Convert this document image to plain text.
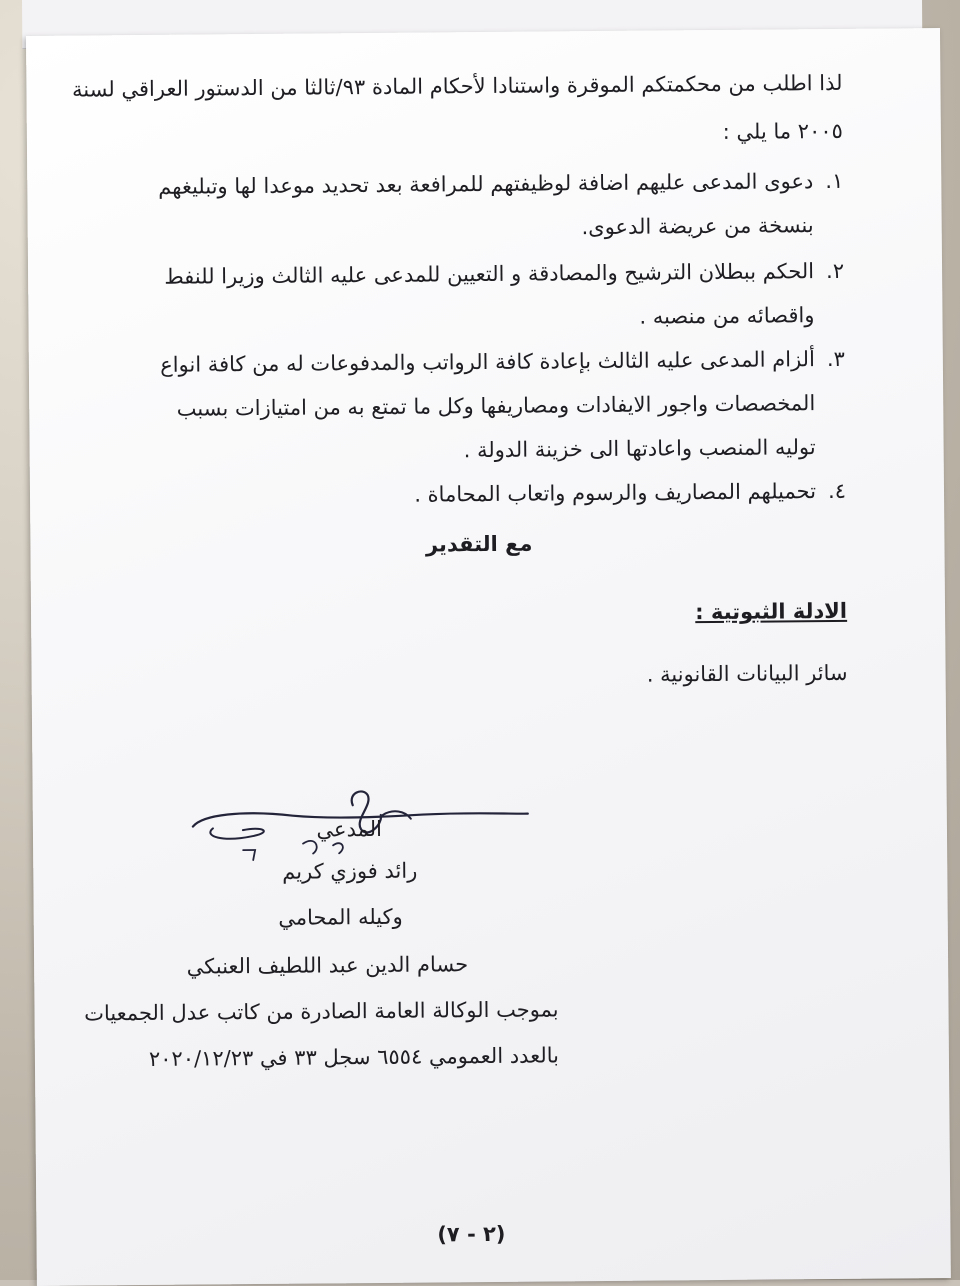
لذا اطلب من محكمتكم الموقرة واستنادا لأحكام المادة ٩٣/ثالثا من الدستور العراقي لسنة
٢٠٠٥ ما يلي :
١.
دعوى المدعى عليهم اضافة لوظيفتهم للمرافعة بعد تحديد موعدا لها وتبليغهم
بنسخة من عريضة الدعوى.
٢.
الحكم ببطلان الترشيح والمصادقة و التعيين للمدعى عليه الثالث وزيرا للنفط
واقصائه من منصبه .
٣.
ألزام المدعى عليه الثالث بإعادة كافة الرواتب والمدفوعات له من كافة انواع
المخصصات واجور الايفادات ومصاريفها وكل ما تمتع به من امتيازات بسبب
توليه المنصب واعادتها الى خزينة الدولة .
٤.
تحميلهم المصاريف والرسوم واتعاب المحاماة .
مع التقدير
الادلة الثبوتية :
سائر البيانات القانونية .
المدعي
رائد فوزي كريم
وكيله المحامي
حسام الدين عبد اللطيف العنبكي
بموجب الوكالة العامة الصادرة من كاتب عدل الجمعيات
بالعدد العمومي ٦٥٥٤ سجل ٣٣ في ٢٠٢٠/١٢/٢٣
(٢ - ٧)
